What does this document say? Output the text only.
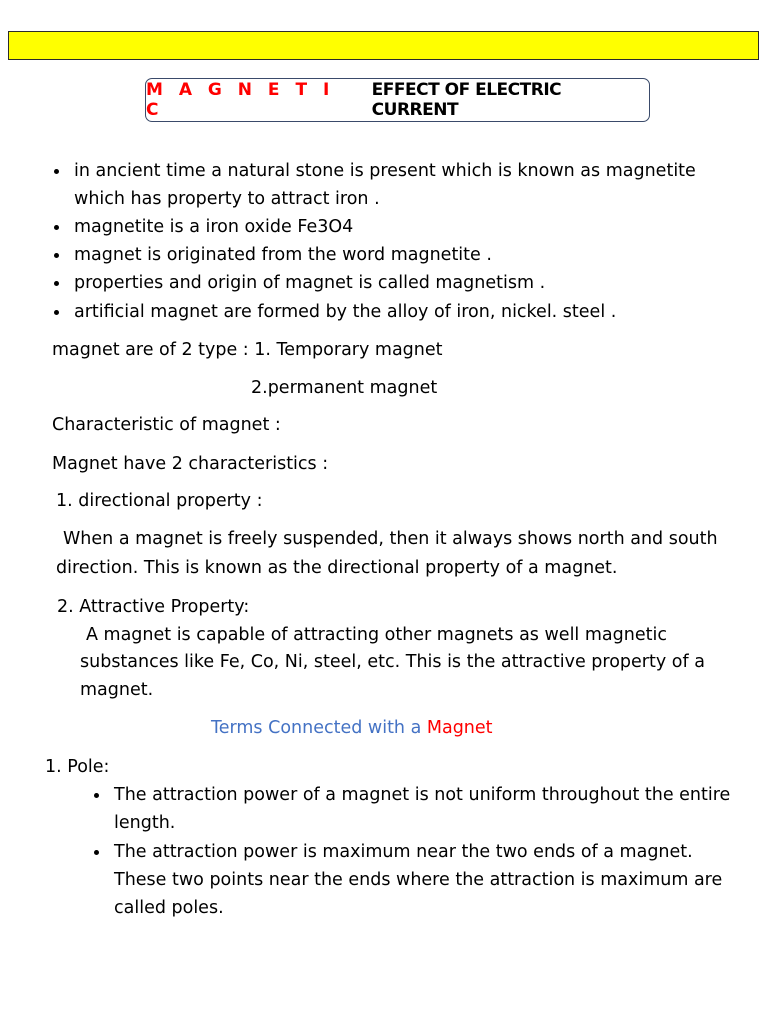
M A G N E T I C
EFFECT OF ELECTRIC CURRENT
in ancient time a natural stone is present which is known as magnetite
which has property to attract iron .
magnetite is a iron oxide Fe3O4
magnet is originated from the word magnetite .
properties and origin of magnet is called magnetism .
artificial magnet are formed by the alloy of iron, nickel. steel .
magnet are of 2 type : 1. Temporary magnet
2.permanent magnet
Characteristic of magnet :
Magnet have 2 characteristics :
1. directional property :
When a magnet is freely suspended, then it always shows north and south
direction. This is known as the directional property of a magnet.
2. Attractive Property:
A magnet is capable of attracting other magnets as well magnetic
substances like Fe, Co, Ni, steel, etc. This is the attractive property of a
magnet.
Terms Connected with a Magnet
1. Pole:
The attraction power of a magnet is not uniform throughout the entire
length.
The attraction power is maximum near the two ends of a magnet.
These two points near the ends where the attraction is maximum are
called poles.
